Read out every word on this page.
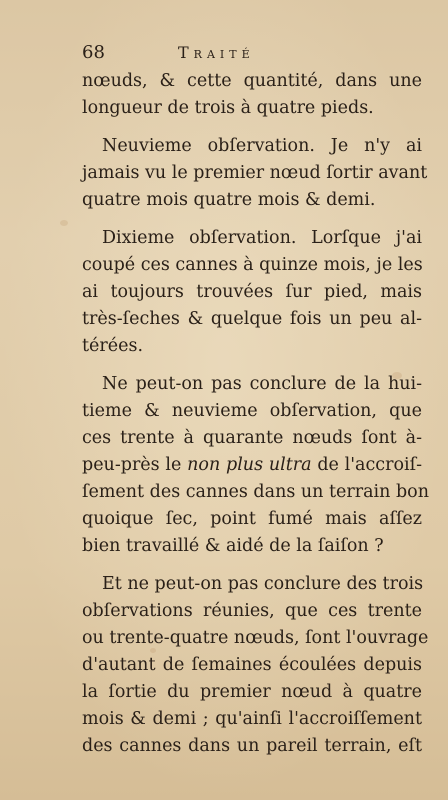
68	Traité
nœuds, & cette quantité, dans une
longueur de trois à quatre pieds.
Neuvieme obſervation. Je n'y ai
jamais vu le premier nœud ſortir avant
quatre mois quatre mois & demi.
Dixieme obſervation. Lorſque j'ai
coupé ces cannes à quinze mois, je les
ai toujours trouvées ſur pied, mais
très-ſeches & quelque fois un peu al-
térées.
Ne peut-on pas conclure de la hui-
tieme & neuvieme obſervation, que
ces trente à quarante nœuds ſont à-
peu-près le non plus ultra de l'accroiſ-
ſement des cannes dans un terrain bon
quoique ſec, point fumé mais aſſez
bien travaillé & aidé de la ſaiſon ?
Et ne peut-on pas conclure des trois
obſervations réunies, que ces trente
ou trente-quatre nœuds, ſont l'ouvrage
d'autant de ſemaines écoulées depuis
la ſortie du premier nœud à quatre
mois & demi ; qu'ainſi l'accroiſſement
des cannes dans un pareil terrain, eſt
